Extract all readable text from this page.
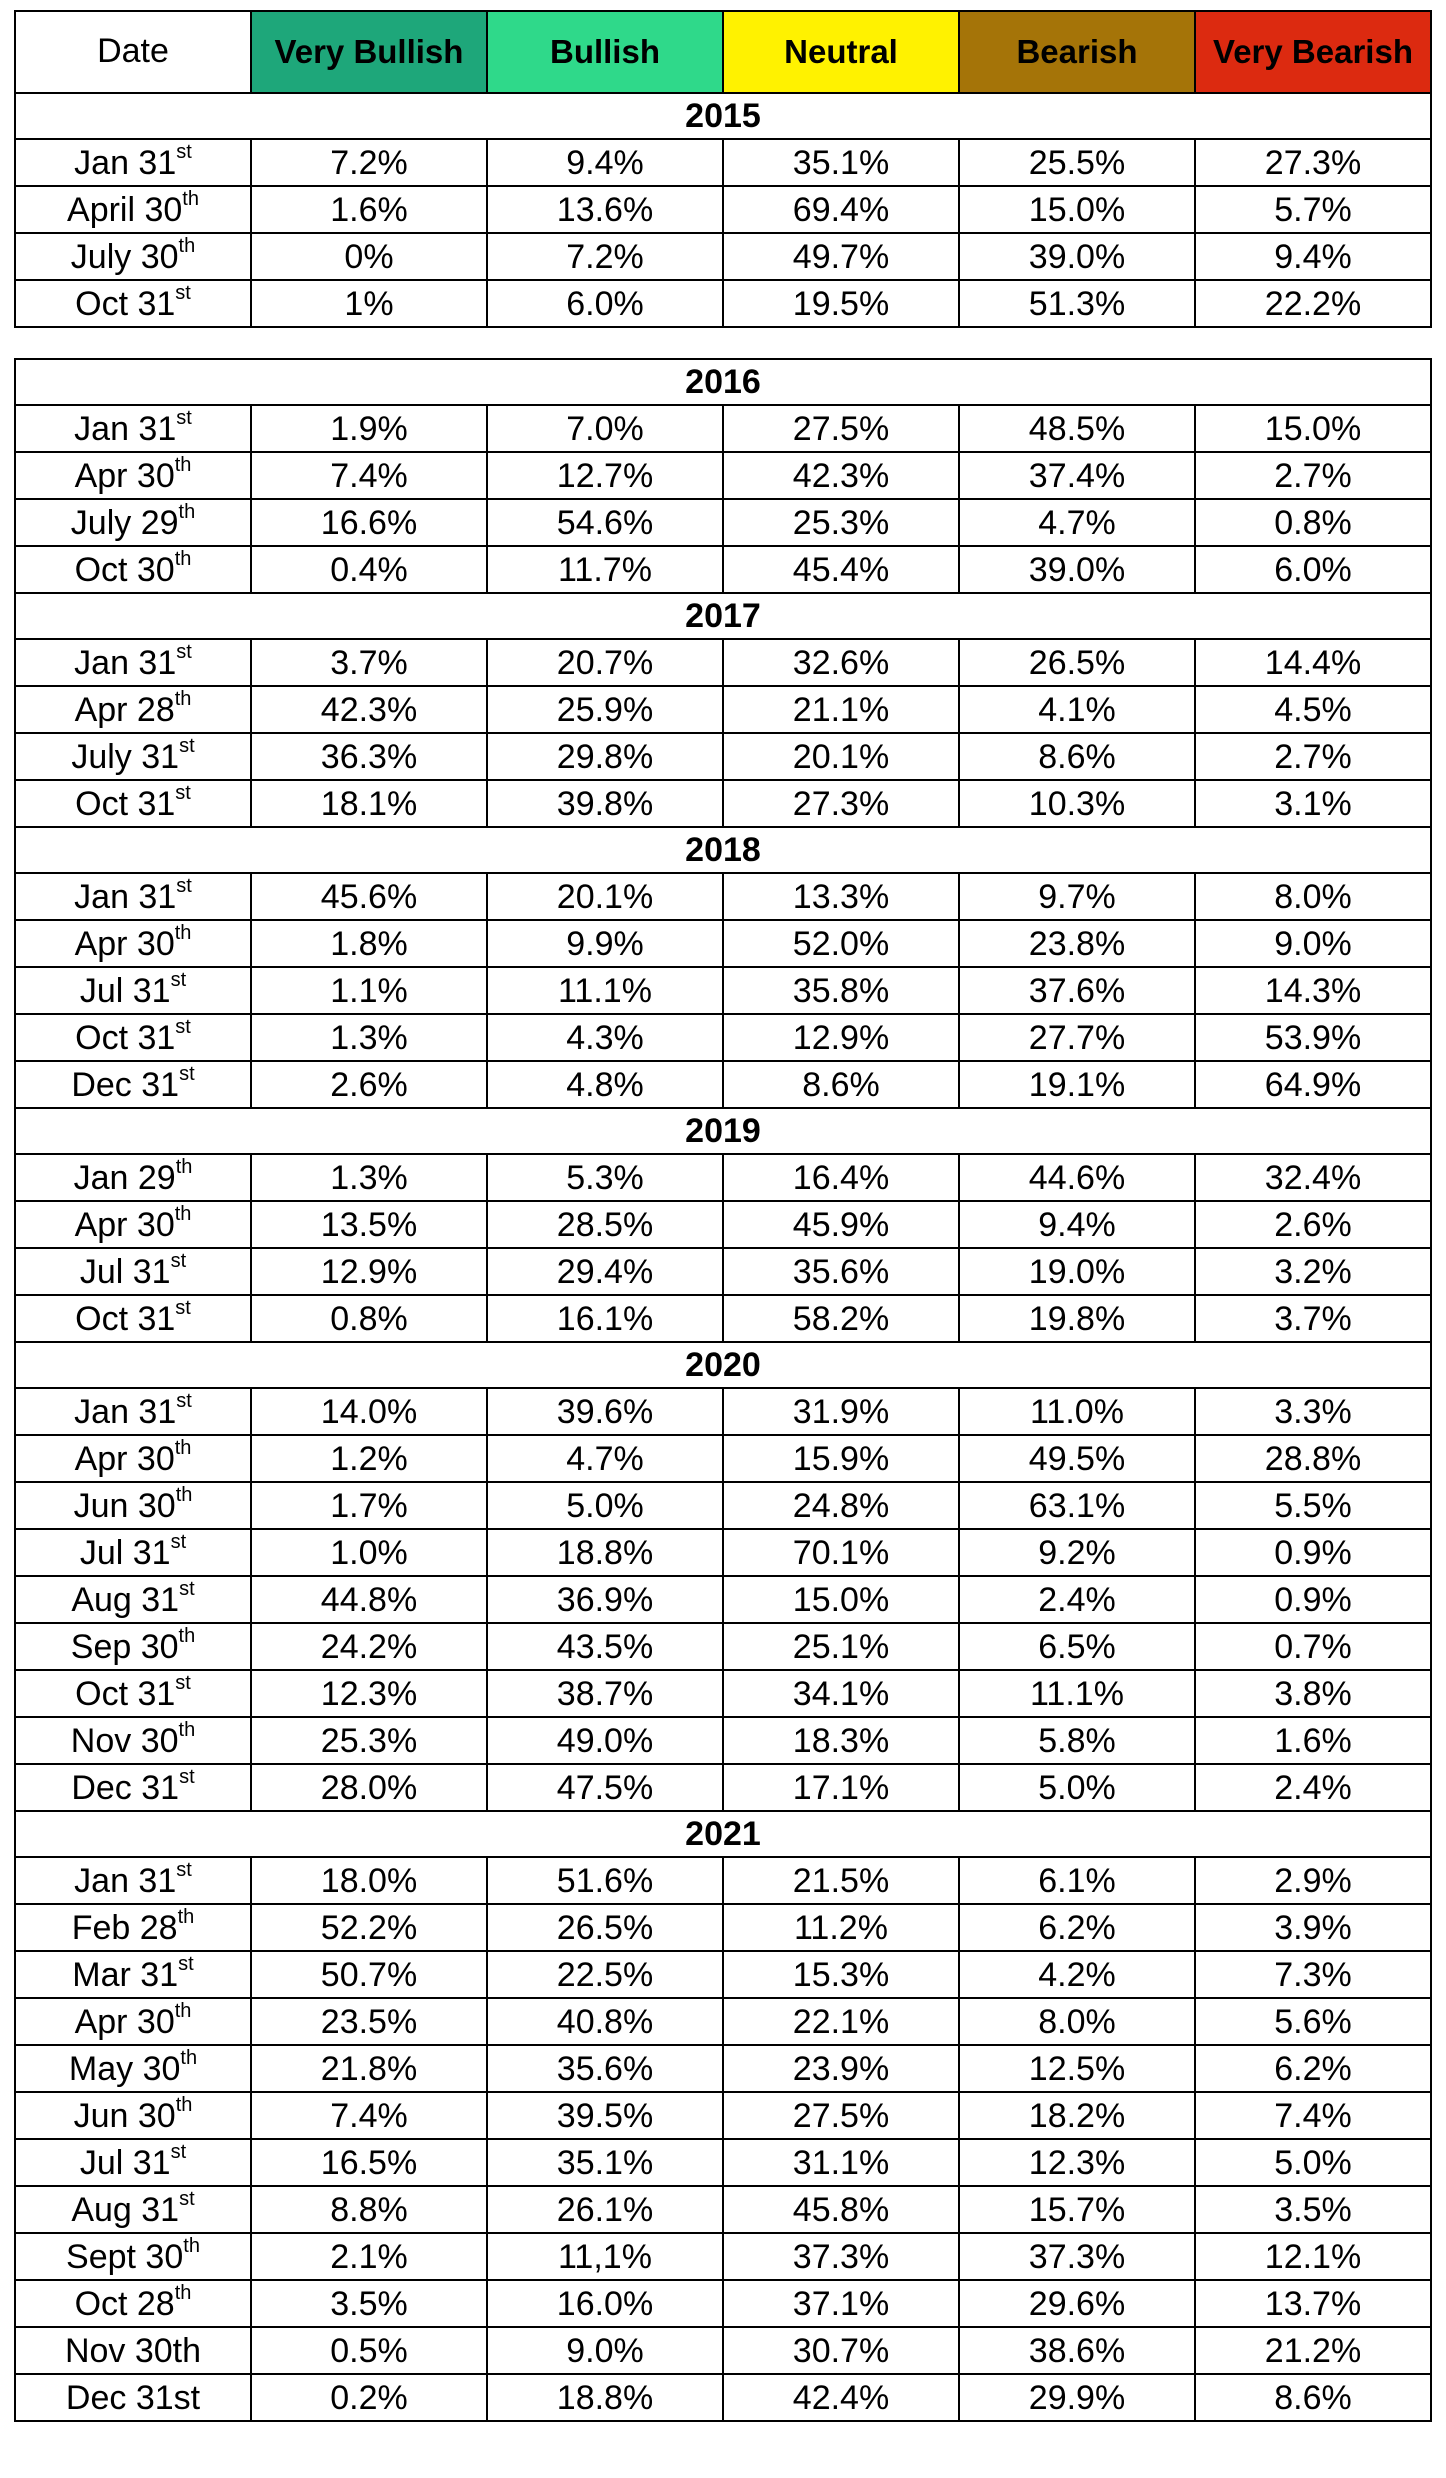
Date	Very Bullish	Bullish	Neutral	Bearish	Very Bearish
2015					
Jan 31st	7.2%	9.4%	35.1%	25.5%	27.3%
April 30th	1.6%	13.6%	69.4%	15.0%	5.7%
July 30th	0%	7.2%	49.7%	39.0%	9.4%
Oct 31st	1%	6.0%	19.5%	51.3%	22.2%

2016					
Jan 31st	1.9%	7.0%	27.5%	48.5%	15.0%
Apr 30th	7.4%	12.7%	42.3%	37.4%	2.7%
July 29th	16.6%	54.6%	25.3%	4.7%	0.8%
Oct 30th	0.4%	11.7%	45.4%	39.0%	6.0%
2017					
Jan 31st	3.7%	20.7%	32.6%	26.5%	14.4%
Apr 28th	42.3%	25.9%	21.1%	4.1%	4.5%
July 31st	36.3%	29.8%	20.1%	8.6%	2.7%
Oct 31st	18.1%	39.8%	27.3%	10.3%	3.1%
2018					
Jan 31st	45.6%	20.1%	13.3%	9.7%	8.0%
Apr 30th	1.8%	9.9%	52.0%	23.8%	9.0%
Jul 31st	1.1%	11.1%	35.8%	37.6%	14.3%
Oct 31st	1.3%	4.3%	12.9%	27.7%	53.9%
Dec 31st	2.6%	4.8%	8.6%	19.1%	64.9%
2019					
Jan 29th	1.3%	5.3%	16.4%	44.6%	32.4%
Apr 30th	13.5%	28.5%	45.9%	9.4%	2.6%
Jul 31st	12.9%	29.4%	35.6%	19.0%	3.2%
Oct 31st	0.8%	16.1%	58.2%	19.8%	3.7%
2020					
Jan 31st	14.0%	39.6%	31.9%	11.0%	3.3%
Apr 30th	1.2%	4.7%	15.9%	49.5%	28.8%
Jun 30th	1.7%	5.0%	24.8%	63.1%	5.5%
Jul 31st	1.0%	18.8%	70.1%	9.2%	0.9%
Aug 31st	44.8%	36.9%	15.0%	2.4%	0.9%
Sep 30th	24.2%	43.5%	25.1%	6.5%	0.7%
Oct 31st	12.3%	38.7%	34.1%	11.1%	3.8%
Nov 30th	25.3%	49.0%	18.3%	5.8%	1.6%
Dec 31st	28.0%	47.5%	17.1%	5.0%	2.4%
2021					
Jan 31st	18.0%	51.6%	21.5%	6.1%	2.9%
Feb 28th	52.2%	26.5%	11.2%	6.2%	3.9%
Mar 31st	50.7%	22.5%	15.3%	4.2%	7.3%
Apr 30th	23.5%	40.8%	22.1%	8.0%	5.6%
May 30th	21.8%	35.6%	23.9%	12.5%	6.2%
Jun 30th	7.4%	39.5%	27.5%	18.2%	7.4%
Jul 31st	16.5%	35.1%	31.1%	12.3%	5.0%
Aug 31st	8.8%	26.1%	45.8%	15.7%	3.5%
Sept 30th	2.1%	11,1%	37.3%	37.3%	12.1%
Oct 28th	3.5%	16.0%	37.1%	29.6%	13.7%
Nov 30th	0.5%	9.0%	30.7%	38.6%	21.2%
Dec 31st	0.2%	18.8%	42.4%	29.9%	8.6%
